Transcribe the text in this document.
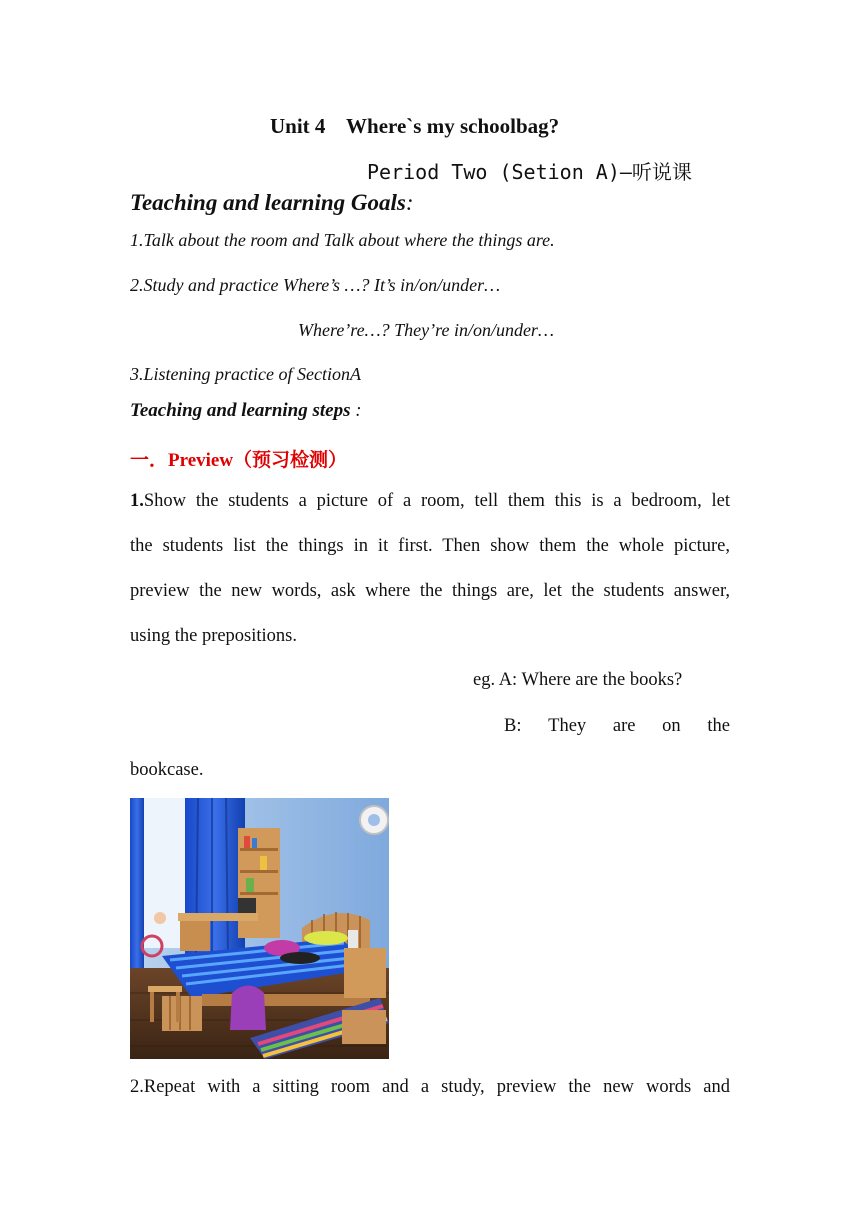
Unit 4    Where`s my schoolbag?
Period Two (Setion A)—听说课
Teaching and learning Goals:
1.Talk about the room and Talk about where the things are.
2.Study and practice Where’s …? It’s in/on/under…
Where’re…? They’re in/on/under…
3.Listening practice of SectionA
Teaching and learning steps :
一．Preview（预习检测）
1.Show the students a picture of a room, tell them this is a bedroom, let
the students list the things in it first. Then show them the whole picture,
preview the new words, ask where the things are, let the students answer,
using the prepositions.
eg. A: Where are the books?
B: They are on the
bookcase.
2.Repeat with a sitting room and a study, preview the new words and
